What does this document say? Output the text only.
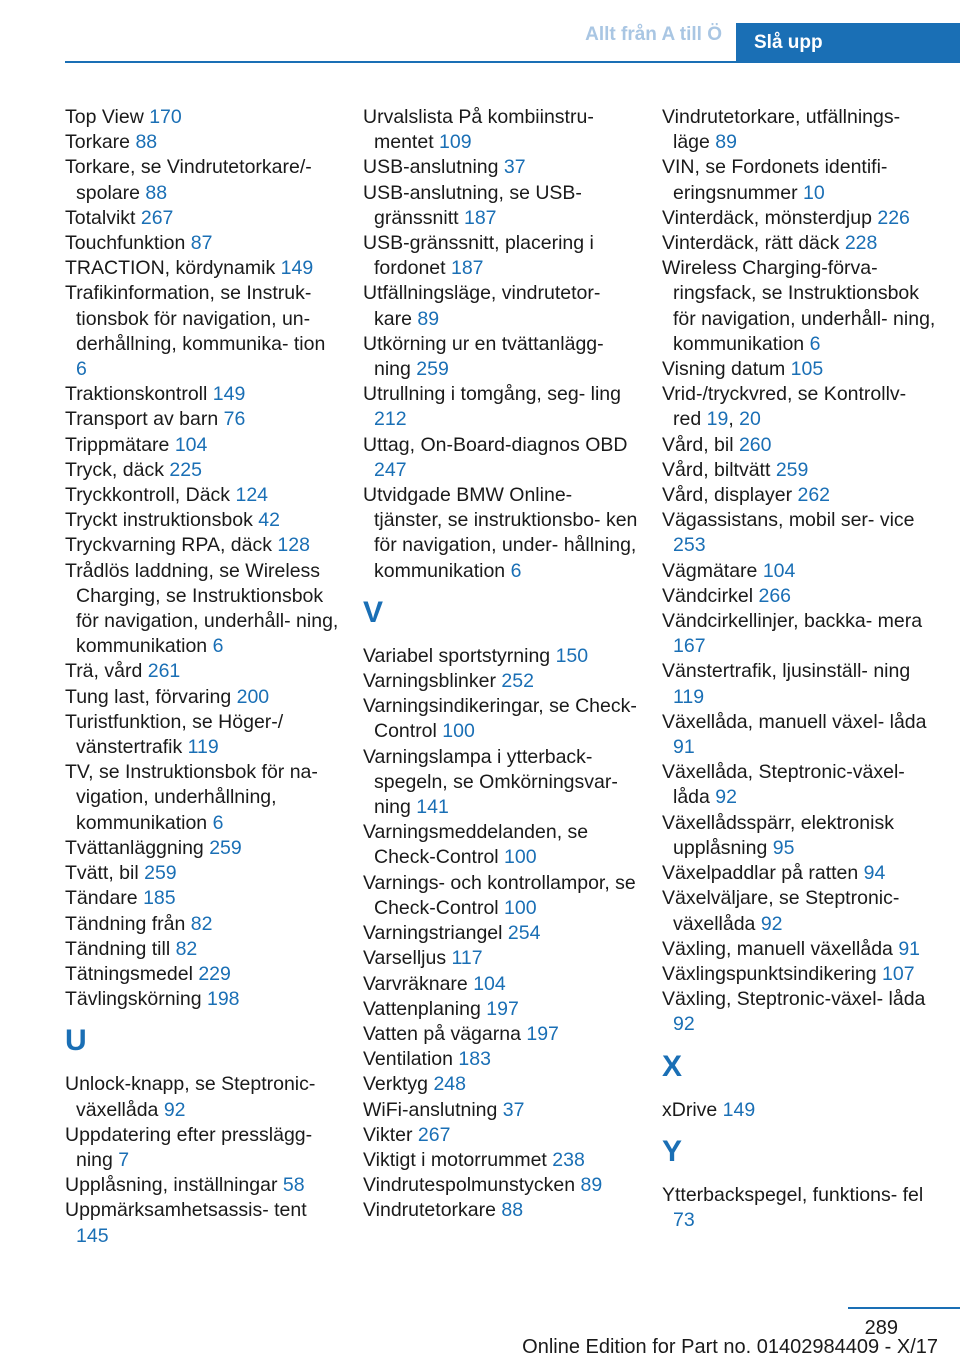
Allt från A till Ö Slå upp
Top View 170
Torkare 88
Torkare, se Vindrutetorkare/‐ spolare 88
Totalvikt 267
Touchfunktion 87
TRACTION, kördynamik 149
Trafikinformation, se Instruk‐ tionsbok för navigation, un‐ derhållning, kommunika‐ tion 6
Traktionskontroll 149
Transport av barn 76
Trippmätare 104
Tryck, däck 225
Tryckkontroll, Däck 124
Tryckt instruktionsbok 42
Tryckvarning RPA, däck 128
Trådlös laddning, se Wireless Charging, se Instruktionsbok för navigation, underhåll‐ ning, kommunikation 6
Trä, vård 261
Tung last, förvaring 200
Turistfunktion, se Höger-/ vänstertrafik 119
TV, se Instruktionsbok för na‐ vigation, underhållning, kommunikation 6
Tvättanläggning 259
Tvätt, bil 259
Tändare 185
Tändning från 82
Tändning till 82
Tätningsmedel 229
Tävlingskörning 198
U
Unlock-knapp, se Steptronic- växellåda 92
Uppdatering efter presslägg‐ ning 7
Upplåsning, inställningar 58
Uppmärksamhetsassis‐ tent 145
Urvalslista På kombiinstru‐ mentet 109
USB-anslutning 37
USB-anslutning, se USB- gränssnitt 187
USB-gränssnitt, placering i fordonet 187
Utfällningsläge, vindrutetor‐ kare 89
Utkörning ur en tvättanlägg‐ ning 259
Utrullning i tomgång, seg‐ ling 212
Uttag, On-Board-diagnos OBD 247
Utvidgade BMW Online- tjänster, se instruktionsbo‐ ken för navigation, under‐ hållning, kommunikation 6
V
Variabel sportstyrning 150
Varningsblinker 252
Varningsindikeringar, se Check-Control 100
Varningslampa i ytterback‐ spegeln, se Omkörningsvar‐ ning 141
Varningsmeddelanden, se Check-Control 100
Varnings- och kontrollampor, se Check-Control 100
Varningstriangel 254
Varselljus 117
Varvräknare 104
Vattenplaning 197
Vatten på vägarna 197
Ventilation 183
Verktyg 248
WiFi-anslutning 37
Vikter 267
Viktigt i motorrummet 238
Vindrutespolmunstycken 89
Vindrutetorkare 88
Vindrutetorkare, utfällnings‐ läge 89
VIN, se Fordonets identifi‐ eringsnummer 10
Vinterdäck, mönsterdjup 226
Vinterdäck, rätt däck 228
Wireless Charging-förva‐ ringsfack, se Instruktionsbok för navigation, underhåll‐ ning, kommunikation 6
Visning datum 105
Vrid-/tryckvred, se Kontrollv‐ red 19, 20
Vård, bil 260
Vård, biltvätt 259
Vård, displayer 262
Vägassistans, mobil ser‐ vice 253
Vägmätare 104
Vändcirkel 266
Vändcirkellinjer, backka‐ mera 167
Vänstertrafik, ljusinställ‐ ning 119
Växellåda, manuell växel‐ låda 91
Växellåda, Steptronic-växel‐ låda 92
Växellådsspärr, elektronisk upplåsning 95
Växelpaddlar på ratten 94
Växelväljare, se Steptronic- växellåda 92
Växling, manuell växellåda 91
Växlingspunktsindikering 107
Växling, Steptronic-växel‐ låda 92
X
xDrive 149
Y
Ytterbackspegel, funktions‐ fel 73
289
Online Edition for Part no. 01402984409 - X/17
